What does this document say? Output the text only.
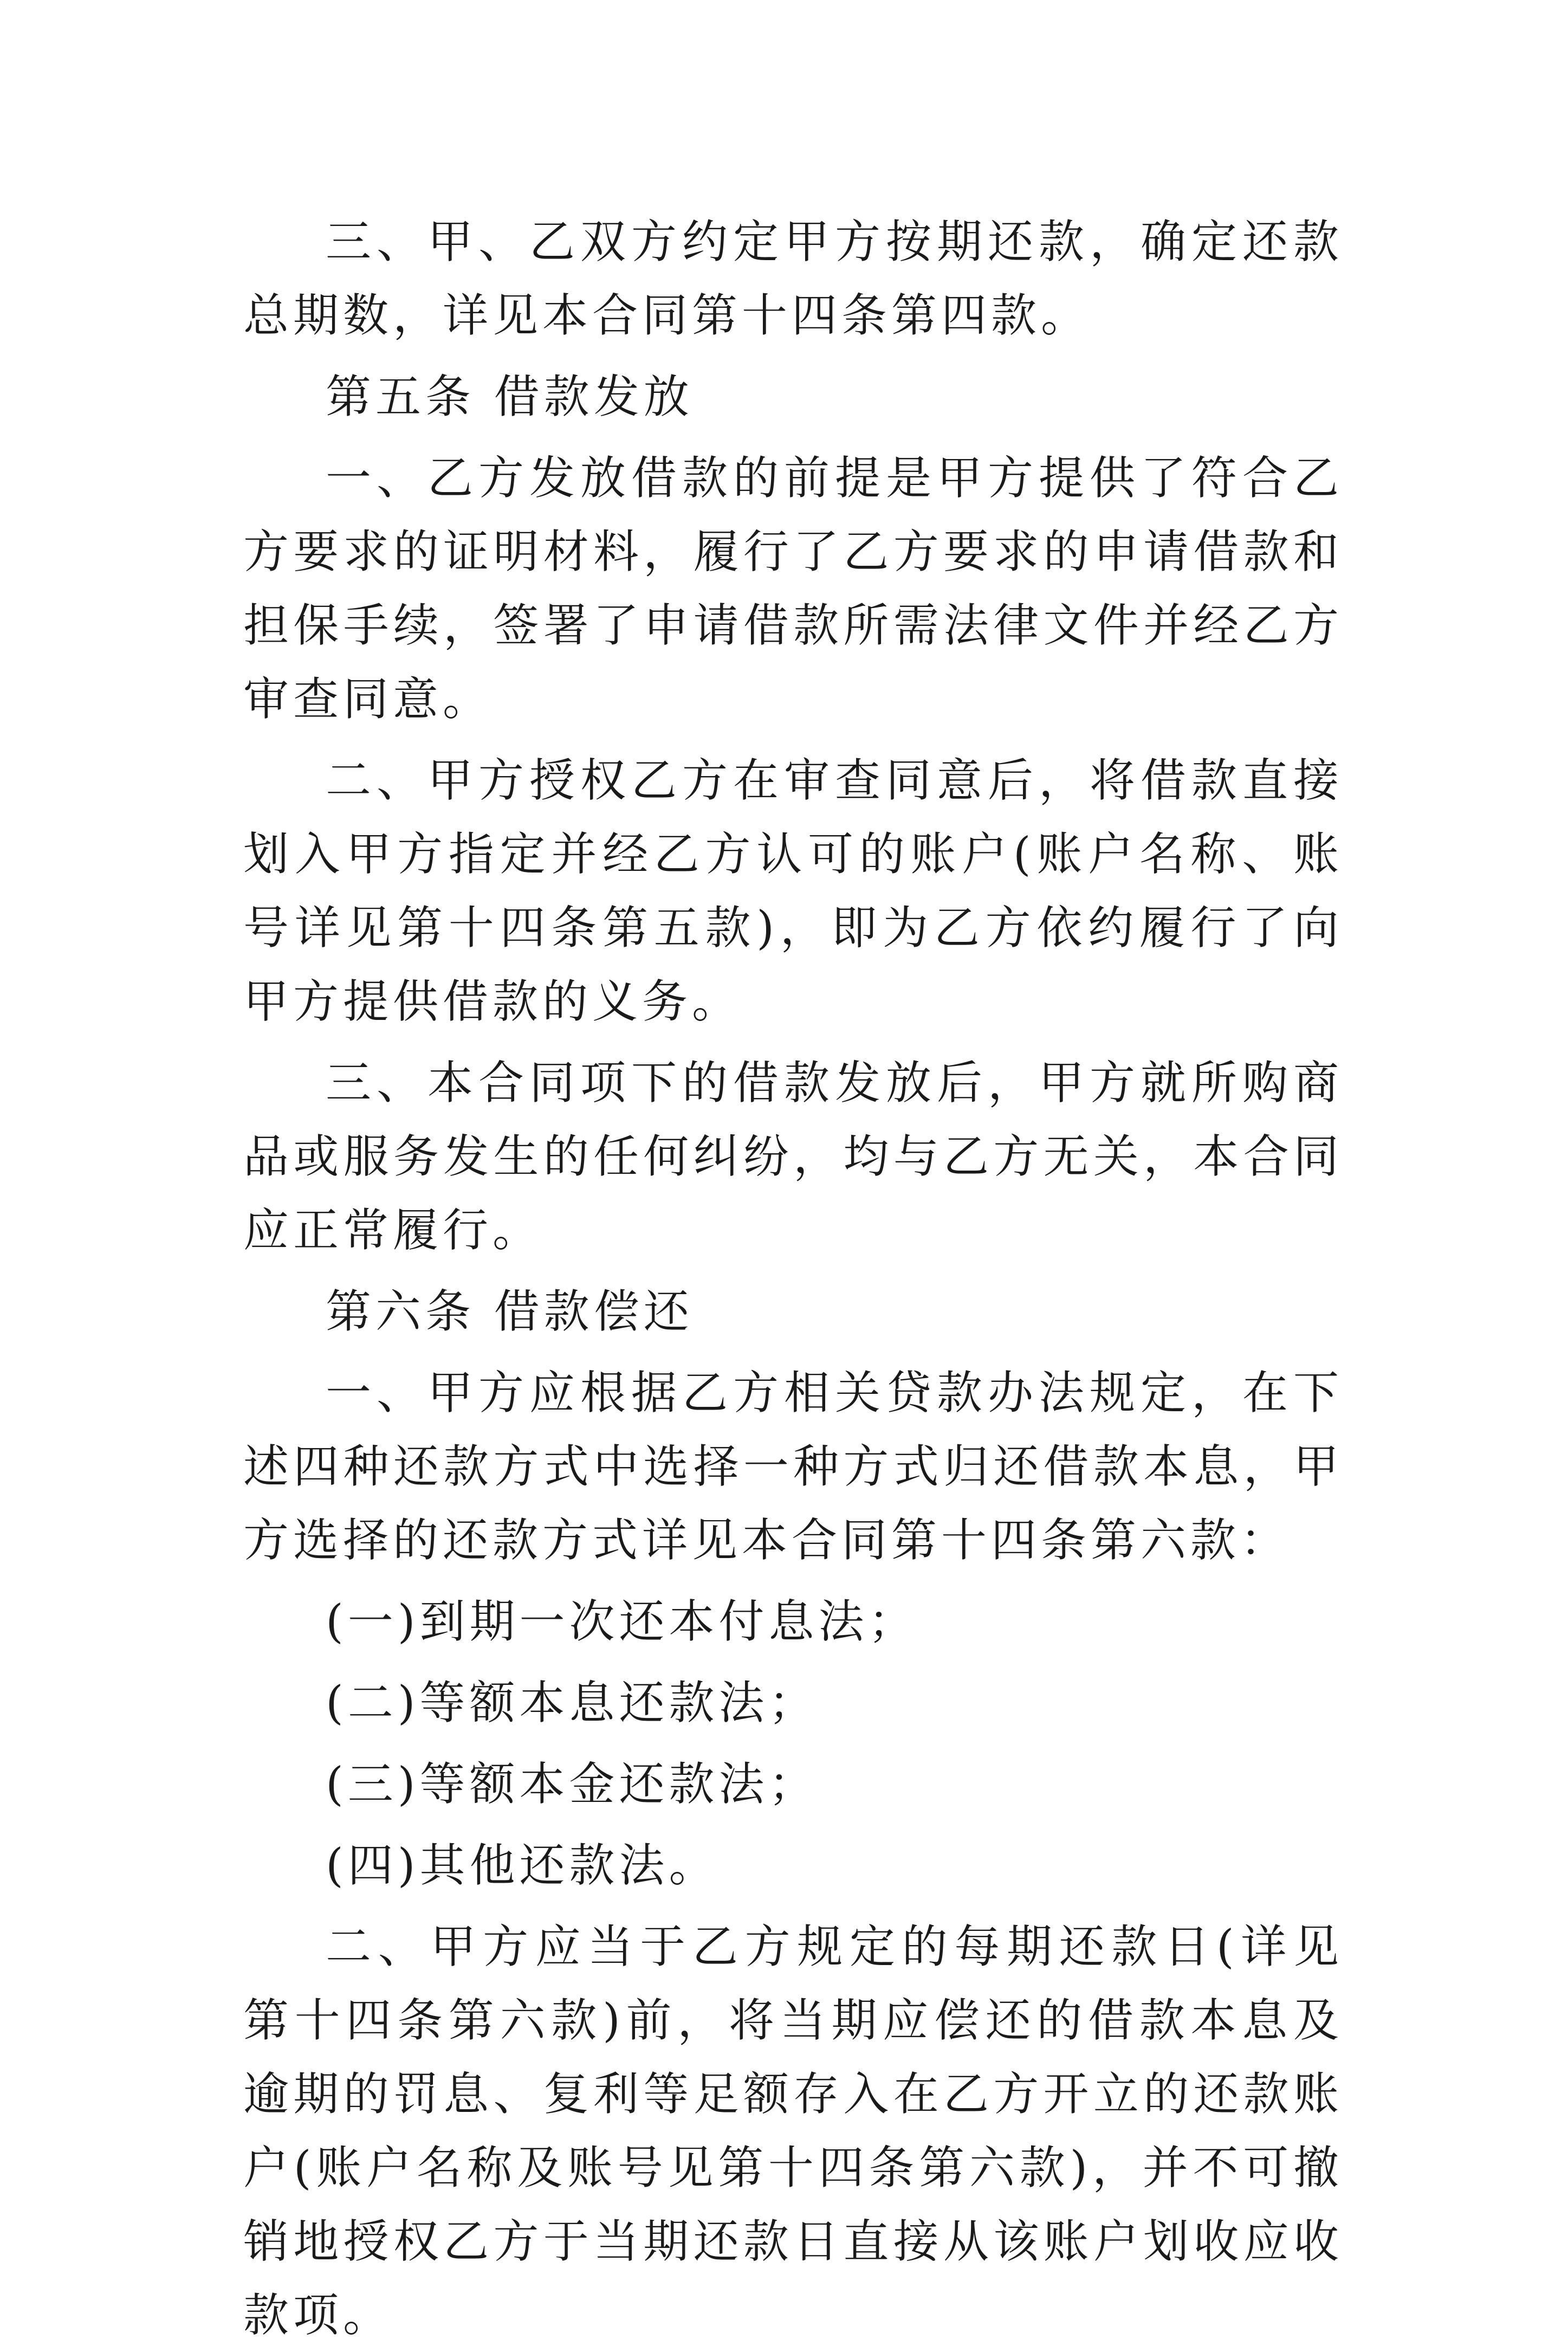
三、甲、乙双方约定甲方按期还款，确定还款总期数，详见本合同第十四条第四款。

第五条 借款发放

一、乙方发放借款的前提是甲方提供了符合乙方要求的证明材料，履行了乙方要求的申请借款和担保手续，签署了申请借款所需法律文件并经乙方审查同意。

二、甲方授权乙方在审查同意后，将借款直接划入甲方指定并经乙方认可的账户(账户名称、账号详见第十四条第五款)，即为乙方依约履行了向甲方提供借款的义务。

三、本合同项下的借款发放后，甲方就所购商品或服务发生的任何纠纷，均与乙方无关，本合同应正常履行。

第六条 借款偿还

一、甲方应根据乙方相关贷款办法规定，在下述四种还款方式中选择一种方式归还借款本息，甲方选择的还款方式详见本合同第十四条第六款：

(一)到期一次还本付息法；

(二)等额本息还款法；

(三)等额本金还款法；

(四)其他还款法。

二、甲方应当于乙方规定的每期还款日(详见第十四条第六款)前，将当期应偿还的借款本息及逾期的罚息、复利等足额存入在乙方开立的还款账户(账户名称及账号见第十四条第六款)，并不可撤销地授权乙方于当期还款日直接从该账户划收应收款项。
